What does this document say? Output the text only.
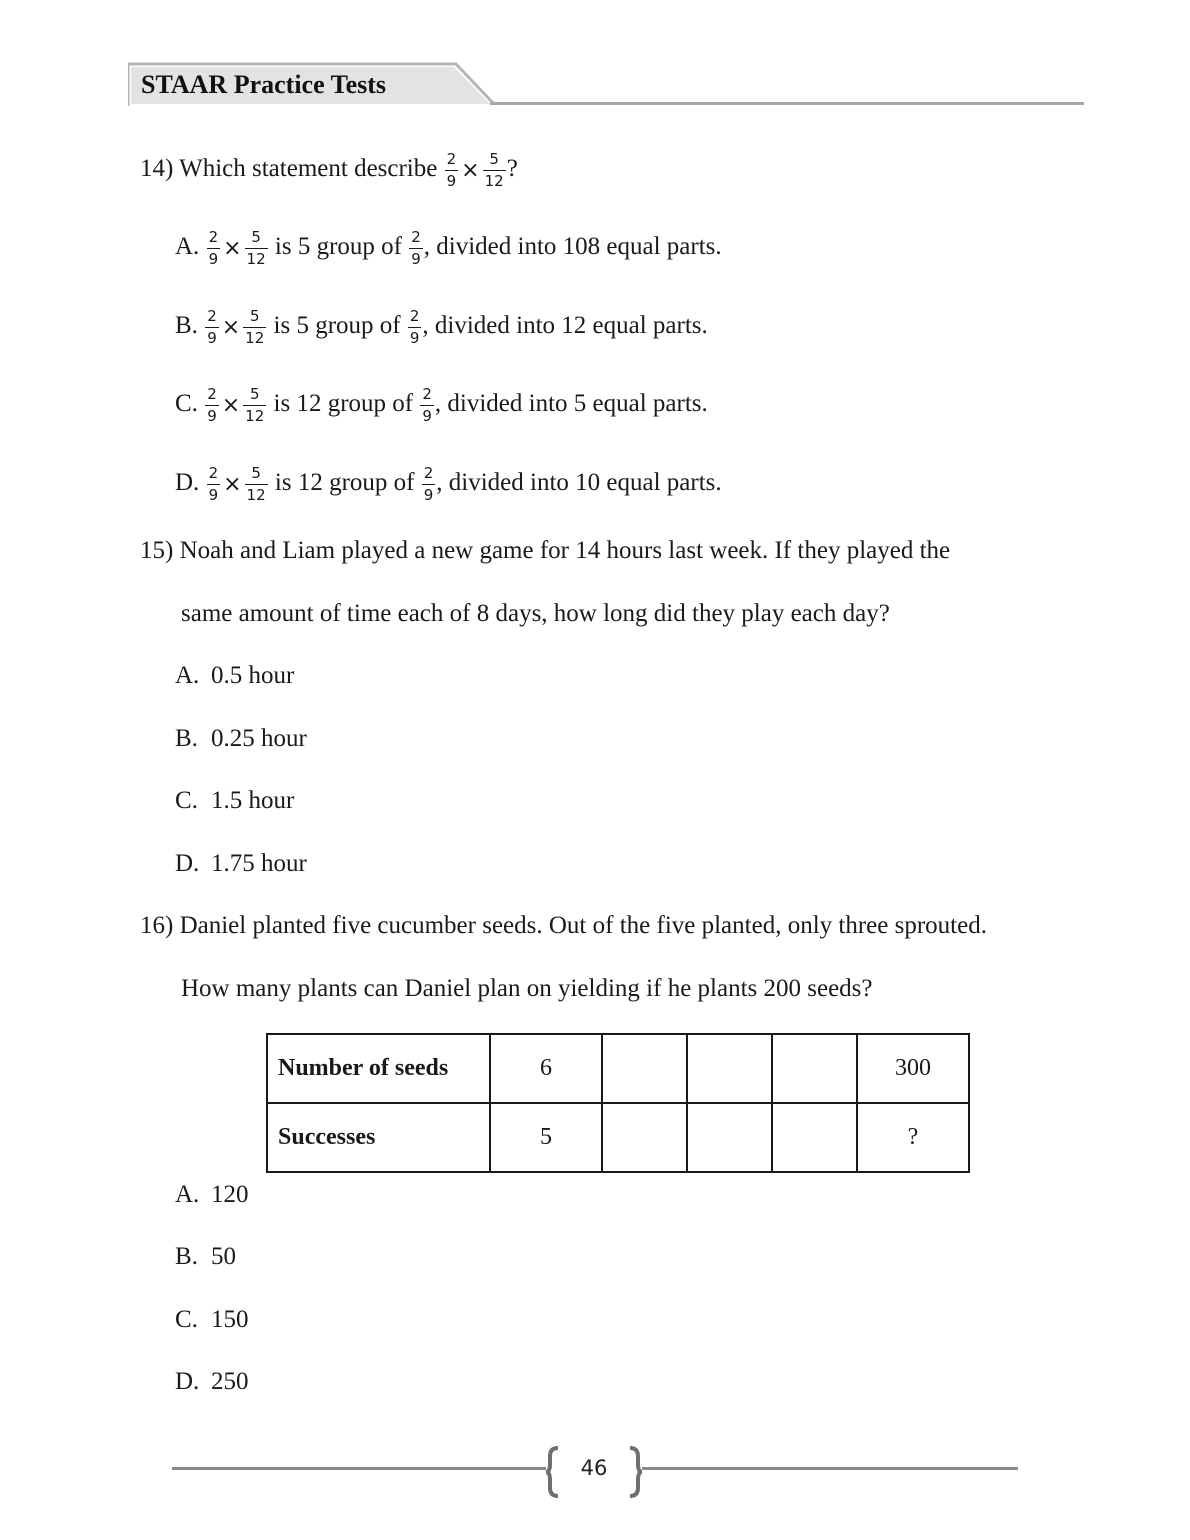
STAAR Practice Tests
14) Which statement describe $\frac{2}{9} \times \frac{5}{12}$ ?
A. $\frac{2}{9} \times \frac{5}{12}$ is 5 group of $\frac{2}{9}$ , divided into 108 equal parts.
B. $\frac{2}{9} \times \frac{5}{12}$ is 5 group of $\frac{2}{9}$ , divided into 12 equal parts.
C. $\frac{2}{9} \times \frac{5}{12}$ is 12 group of $\frac{2}{9}$ , divided into 5 equal parts.
D. $\frac{2}{9} \times \frac{5}{12}$ is 12 group of $\frac{2}{9}$ , divided into 10 equal parts.
15) Noah and Liam played a new game for 14 hours last week. If they played the
same amount of time each of 8 days, how long did they play each day?
A. 0.5 hour
B. 0.25 hour
C. 1.5 hour
D. 1.75 hour
16) Daniel planted five cucumber seeds. Out of the five planted, only three sprouted.
How many plants can Daniel plan on yielding if he plants 200 seeds?
Number of seeds	6				300
Successes	5				?
A. 120
B. 50
C. 150
D. 250
46
